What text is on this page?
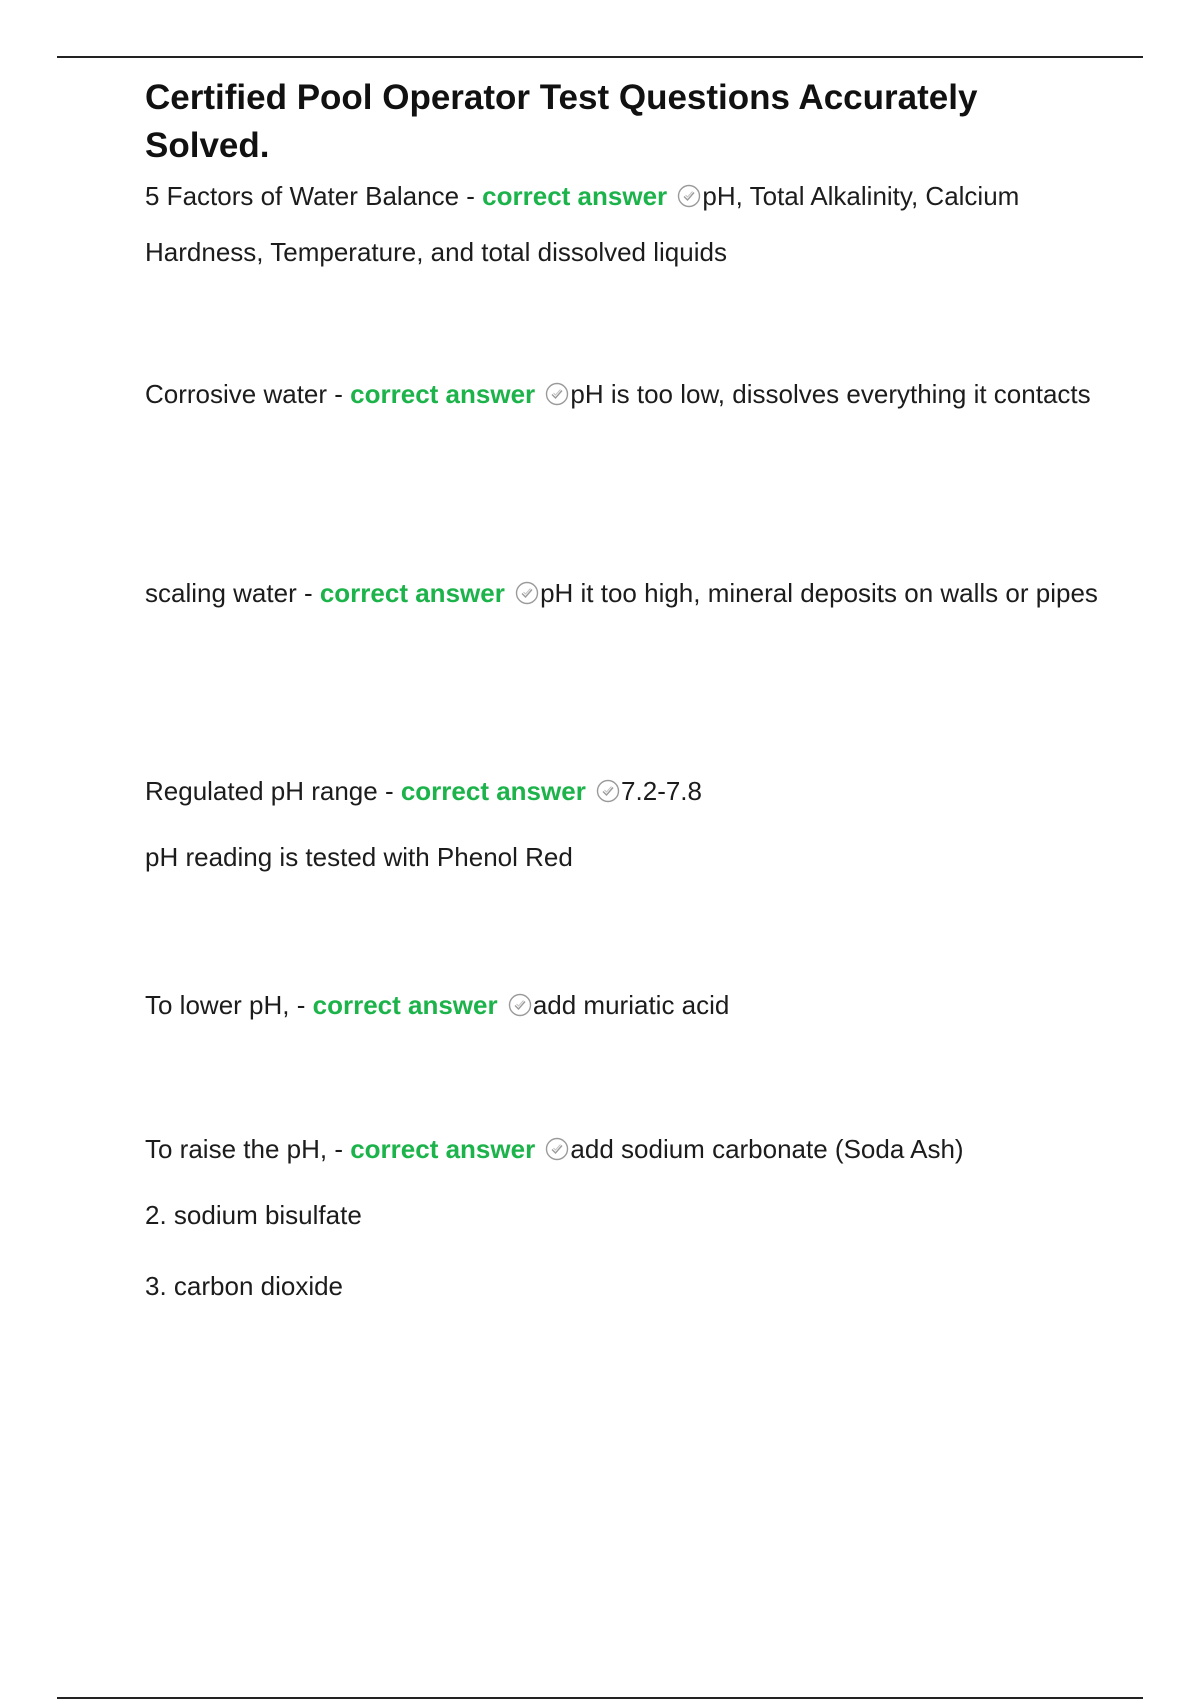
Certified Pool Operator Test Questions Accurately Solved.
5 Factors of Water Balance - correct answer pH, Total Alkalinity, Calcium Hardness, Temperature, and total dissolved liquids
Corrosive water - correct answer pH is too low, dissolves everything it contacts
scaling water - correct answer pH it too high, mineral deposits on walls or pipes
Regulated pH range - correct answer 7.2-7.8
pH reading is tested with Phenol Red
To lower pH, - correct answer add muriatic acid
To raise the pH, - correct answer add sodium carbonate (Soda Ash)
2. sodium bisulfate
3. carbon dioxide
